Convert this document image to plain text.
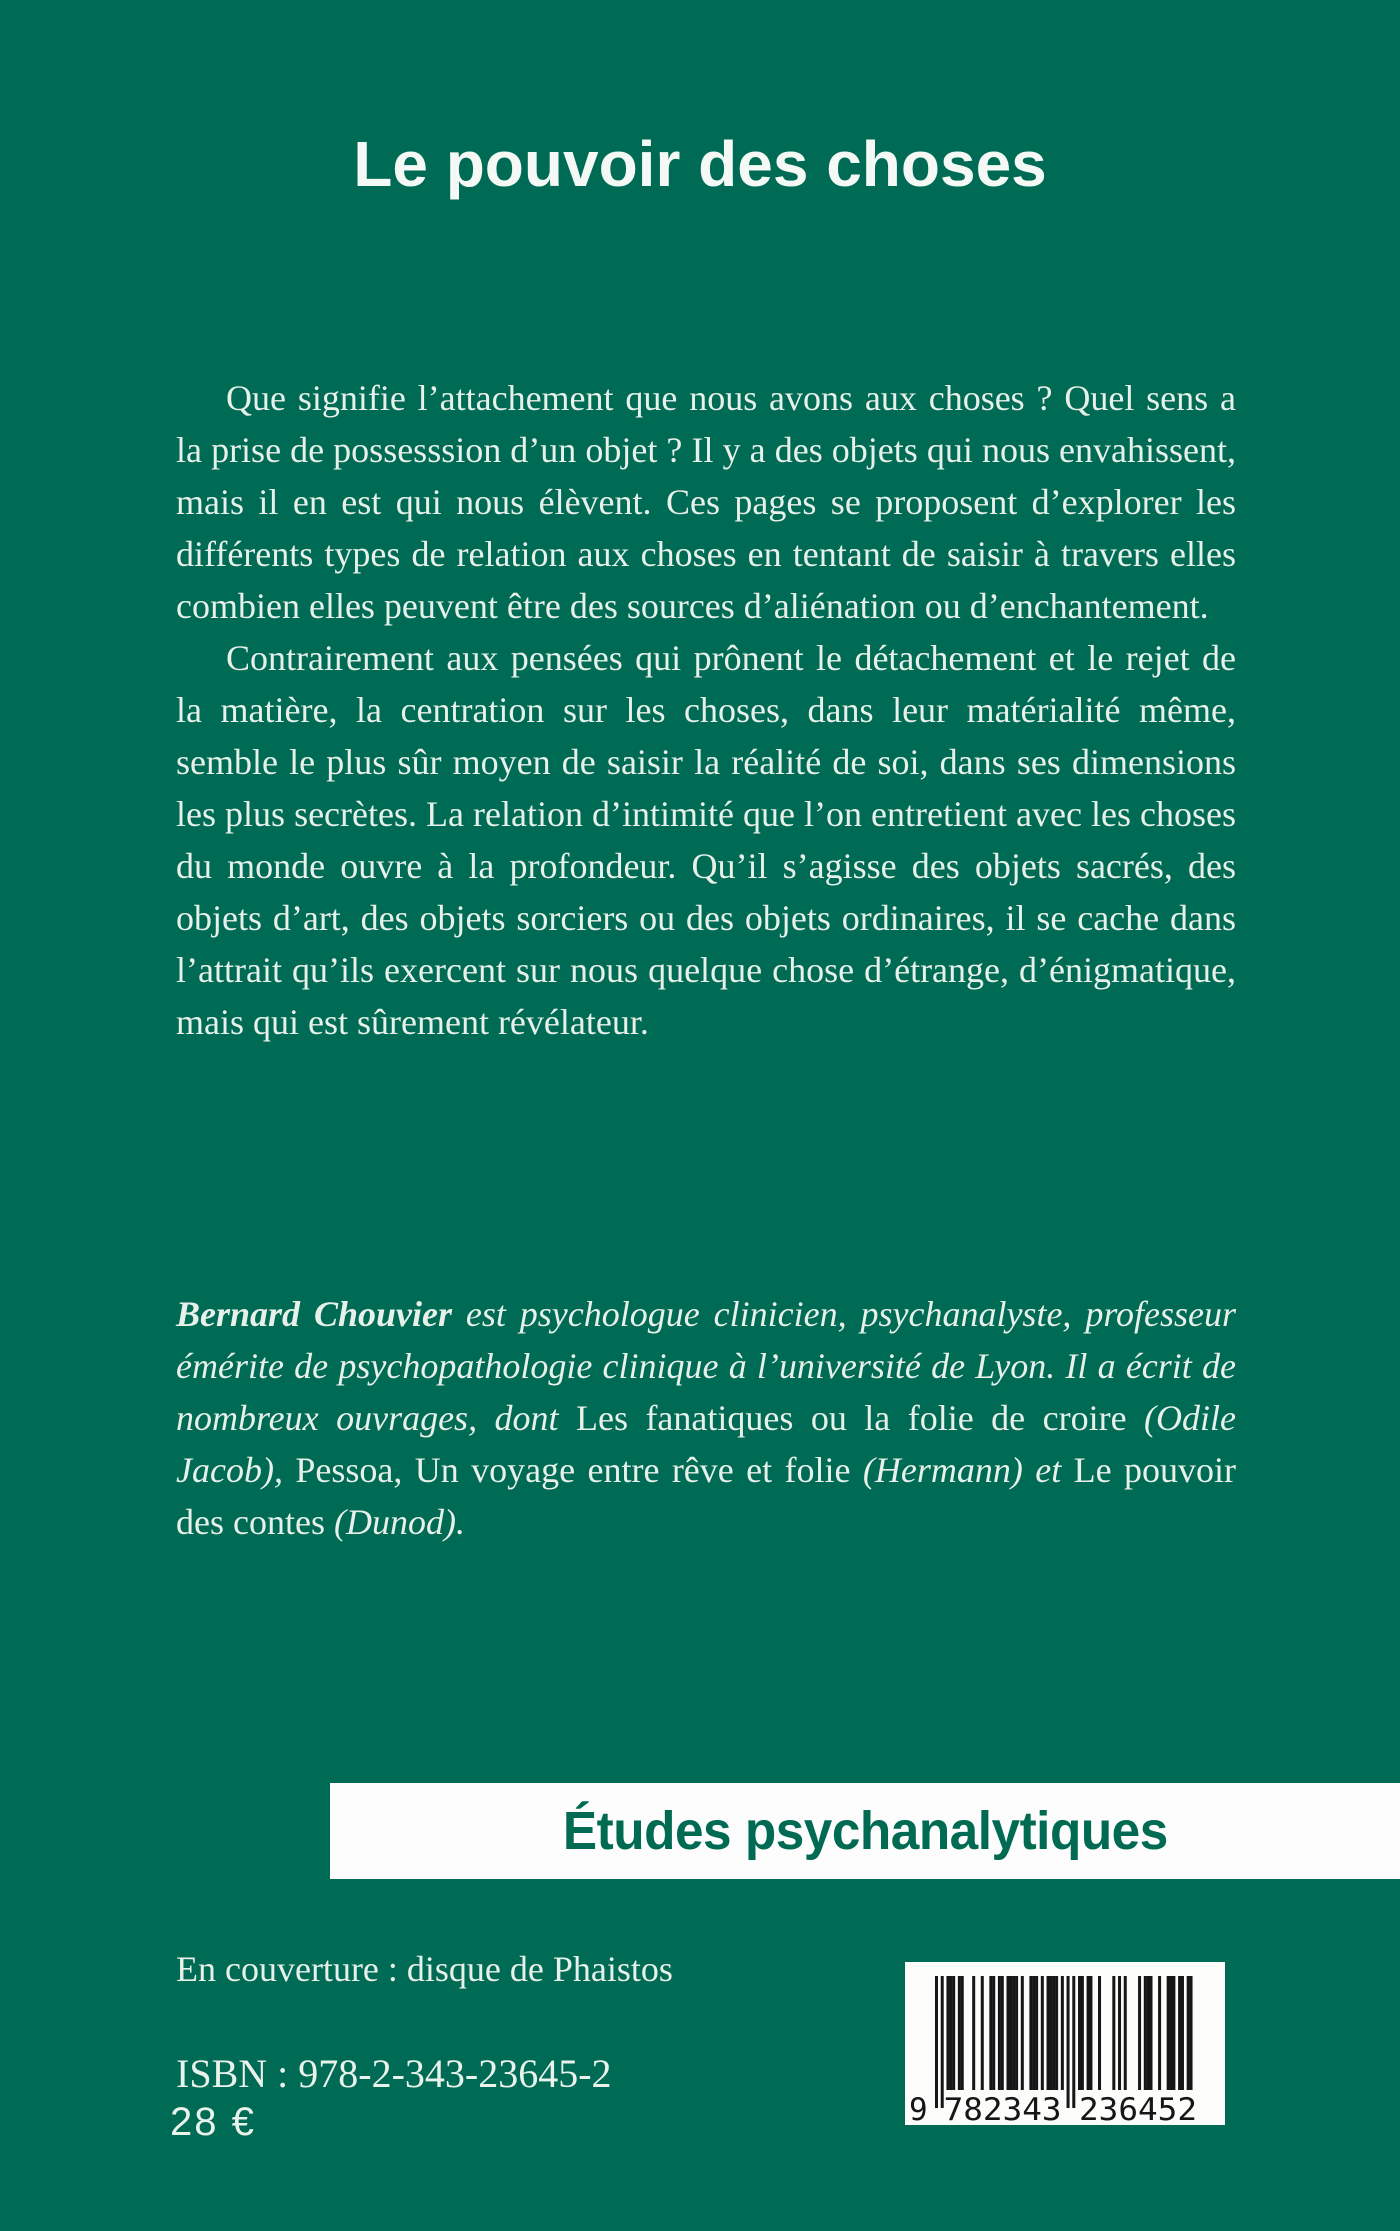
Le pouvoir des choses

Que signifie l’attachement que nous avons aux choses ? Quel sens a la prise de possesssion d’un objet ? Il y a des objets qui nous envahissent, mais il en est qui nous élèvent. Ces pages se proposent d’explorer les différents types de relation aux choses en tentant de saisir à travers elles combien elles peuvent être des sources d’aliénation ou d’enchantement.

Contrairement aux pensées qui prônent le détachement et le rejet de la matière, la centration sur les choses, dans leur matérialité même, semble le plus sûr moyen de saisir la réalité de soi, dans ses dimensions les plus secrètes. La relation d’intimité que l’on entretient avec les choses du monde ouvre à la profondeur. Qu’il s’agisse des objets sacrés, des objets d’art, des objets sorciers ou des objets ordinaires, il se cache dans l’attrait qu’ils exercent sur nous quelque chose d’étrange, d’énigmatique, mais qui est sûrement révélateur.

Bernard Chouvier est psychologue clinicien, psychanalyste, professeur émérite de psychopathologie clinique à l’université de Lyon. Il a écrit de nombreux ouvrages, dont Les fanatiques ou la folie de croire (Odile Jacob), Pessoa, Un voyage entre rêve et folie (Hermann) et Le pouvoir des contes (Dunod).

Études psychanalytiques

En couverture : disque de Phaistos

ISBN : 978-2-343-23645-2

28 €	9 782343 236452
